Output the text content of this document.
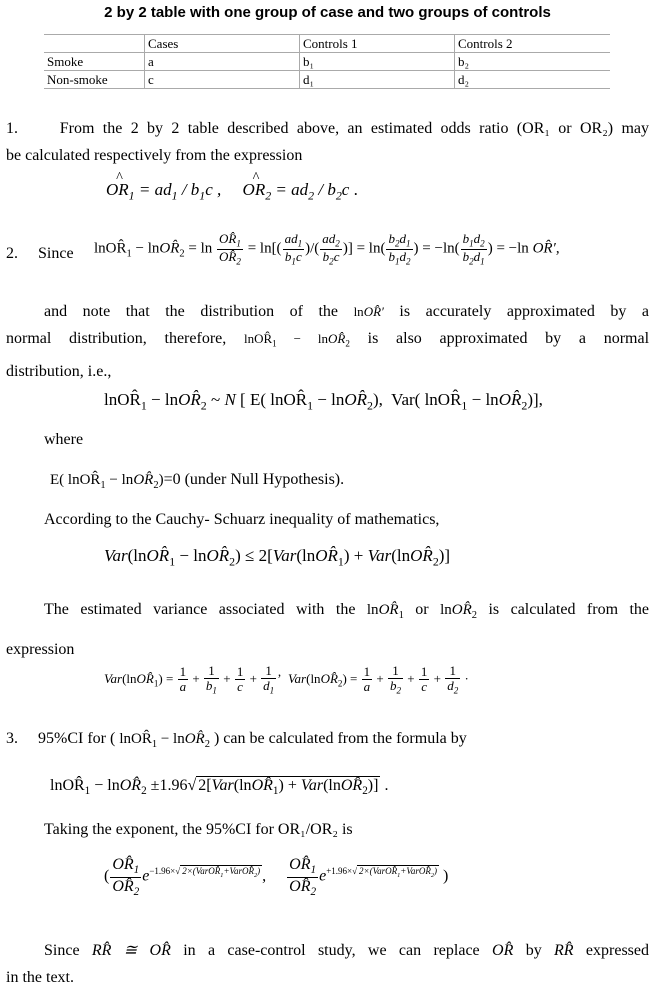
2 by 2 table with one group of case and two groups of controls
	Cases	Controls 1	Controls 2
Smoke	a	b₁	b₂
Non-smoke	c	d₁	d₂
1.	From the 2 by 2 table described above, an estimated odds ratio (OR₁ or OR₂) may
be calculated respectively from the expression
^ $OR_1 = ad_1 / b_1c$ , ^ $OR_2 = ad_2 / b_2c$ .
2. Since $lnOR̂_1$ − $lnOR̂_2 = \ln \frac{OR̂_1}{OR̂_2} = \ln[( \frac{ad_1}{b_1c}$ )/( $\frac{ad_2}{b_2c}$ )] = $\ln( \frac{b_2d_1}{b_1d_2}$ ) = $-\ln( \frac{b_1d_2}{b_2d_1}$ ) = −ln OR̂′,
and note that the distribution of the lnOR̂′ is accurately approximated by a
normal distribution, therefore, $lnOR̂_1$ − $lnOR̂_2$ is also approximated by a normal
distribution, i.e.,
$lnOR̂_1$ − $lnOR̂_2$ ~ N [ E( $lnOR̂_1$ − $lnOR̂_2$),  Var( $lnOR̂_1$ − $lnOR̂_2$)],
where
E( $lnOR̂_1$ − $lnOR̂_2)=0$ (under Null Hypothesis).
According to the Cauchy- Schuarz inequality of mathematics,
$Var(lnOR̂_1$ − $lnOR̂_2$) ≤ $2[Var(lnOR̂_1)$ + $Var(lnOR̂_2)$]
The estimated variance associated with the $lnOR̂_1$ or $lnOR̂_2$ is calculated from the
expression
$Var(lnOR̂_1) = \frac{1}{a} + \frac{1}{b_1} + \frac{1}{c} + \frac{1}{d_1}$ ’  $Var(lnOR̂_2) = \frac{1}{a} + \frac{1}{b_2} + \frac{1}{c} + \frac{1}{d_2}$ ·
3. 95%CI for ( $lnOR̂_1$ − $lnOR̂_2$ ) can be calculated from the formula by
$lnOR̂_1$ − $lnOR̂_2 \pm 1.96√$ $2[Var(lnOR̂_1)$ + $Var(lnOR̂_2)$] .
Taking the exponent, the 95%CI for OR₁/OR₂ is
( $\frac{OR̂_1}{OR̂_2} e^{-1.96\times√ 2\times(VarOR̂_1+VarOR̂_2)}$ , $\frac{OR̂_1}{OR̂_2} e^{+1.96\times√ 2\times(VarOR̂_1+VarOR̂_2)}$ )
Since RR̂ ≅ OR̂ in a case-control study, we can replace OR̂ by RR̂ expressed
in the text.
